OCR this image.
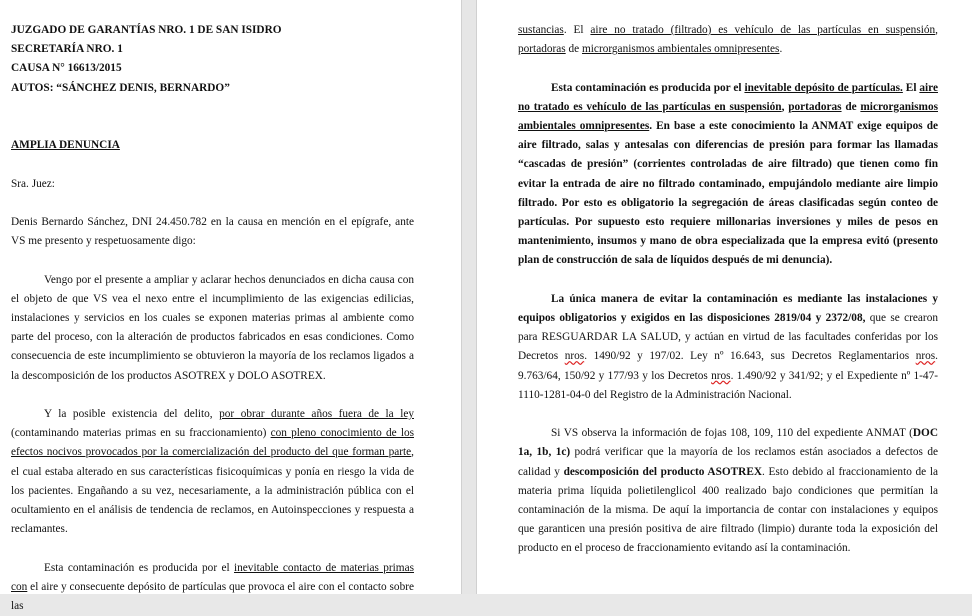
JUZGADO DE GARANTÍAS NRO. 1 DE SAN ISIDRO
SECRETARÍA NRO. 1
CAUSA N° 16613/2015
AUTOS: “SÁNCHEZ DENIS, BERNARDO”

AMPLIA DENUNCIA

Sra. Juez:

Denis Bernardo Sánchez, DNI 24.450.782 en la causa en mención en el epígrafe, ante VS me presento y respetuosamente digo:

Vengo por el presente a ampliar y aclarar hechos denunciados en dicha causa con el objeto de que VS vea el nexo entre el incumplimiento de las exigencias edilicias, instalaciones y servicios en los cuales se exponen materias primas al ambiente como parte del proceso, con la alteración de productos fabricados en esas condiciones. Como consecuencia de este incumplimiento se obtuvieron la mayoría de los reclamos ligados a la descomposición de los productos ASOTREX y DOLO ASOTREX.

Y la posible existencia del delito, por obrar durante años fuera de la ley (contaminando materias primas en su fraccionamiento) con pleno conocimiento de los efectos nocivos provocados por la comercialización del producto del que forman parte, el cual estaba alterado en sus características fisicoquímicas y ponía en riesgo la vida de los pacientes. Engañando a su vez, necesariamente, a la administración pública con el ocultamiento en el análisis de tendencia de reclamos, en Autoinspecciones y respuesta a reclamantes.

Esta contaminación es producida por el inevitable contacto de materias primas con el aire y consecuente depósito de partículas que provoca el aire con el contacto sobre las

sustancias. El aire no tratado (filtrado) es vehículo de las partículas en suspensión, portadoras de microrganismos ambientales omnipresentes.

Esta contaminación es producida por el inevitable depósito de partículas. El aire no tratado es vehículo de las partículas en suspensión, portadoras de microrganismos ambientales omnipresentes. En base a este conocimiento la ANMAT exige equipos de aire filtrado, salas y antesalas con diferencias de presión para formar las llamadas “cascadas de presión” (corrientes controladas de aire filtrado) que tienen como fin evitar la entrada de aire no filtrado contaminado, empujándolo mediante aire limpio filtrado. Por esto es obligatorio la segregación de áreas clasificadas según conteo de partículas. Por supuesto esto requiere millonarias inversiones y miles de pesos en mantenimiento, insumos y mano de obra especializada que la empresa evitó (presento plan de construcción de sala de líquidos después de mi denuncia).

La única manera de evitar la contaminación es mediante las instalaciones y equipos obligatorios y exigidos en las disposiciones 2819/04 y 2372/08, que se crearon para RESGUARDAR LA SALUD, y actúan en virtud de las facultades conferidas por los Decretos nros. 1490/92 y 197/02. Ley nº 16.643, sus Decretos Reglamentarios nros. 9.763/64, 150/92 y 177/93 y los Decretos nros. 1.490/92 y 341/92; y el Expediente nº 1-47-1110-1281-04-0 del Registro de la Administración Nacional.

Si VS observa la información de fojas 108, 109, 110 del expediente ANMAT (DOC 1a, 1b, 1c) podrá verificar que la mayoría de los reclamos están asociados a defectos de calidad y descomposición del producto ASOTREX. Esto debido al fraccionamiento de la materia prima líquida polietilenglicol 400 realizado bajo condiciones que permitían la contaminación de la misma. De aquí la importancia de contar con instalaciones y equipos que garanticen una presión positiva de aire filtrado (limpio) durante toda la exposición del producto en el proceso de fraccionamiento evitando así la contaminación.
